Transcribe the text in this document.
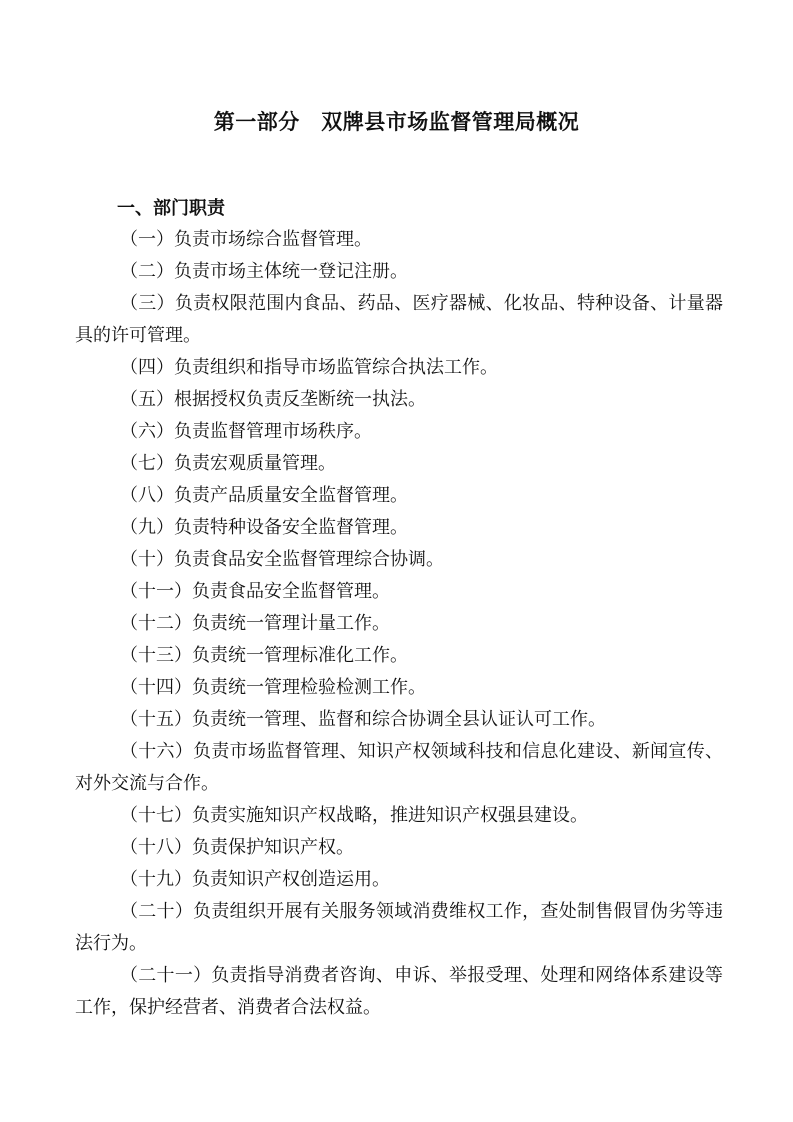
第一部分　双牌县市场监督管理局概况
一、部门职责

（一）负责市场综合监督管理。

（二）负责市场主体统一登记注册。

（三）负责权限范围内食品、药品、医疗器械、化妆品、特种设备、计量器具的许可管理。

（四）负责组织和指导市场监管综合执法工作。

（五）根据授权负责反垄断统一执法。

（六）负责监督管理市场秩序。

（七）负责宏观质量管理。

（八）负责产品质量安全监督管理。

（九）负责特种设备安全监督管理。

（十）负责食品安全监督管理综合协调。

（十一）负责食品安全监督管理。

（十二）负责统一管理计量工作。

（十三）负责统一管理标准化工作。

（十四）负责统一管理检验检测工作。

（十五）负责统一管理、监督和综合协调全县认证认可工作。

（十六）负责市场监督管理、知识产权领域科技和信息化建设、新闻宣传、对外交流与合作。

（十七）负责实施知识产权战略，推进知识产权强县建设。

（十八）负责保护知识产权。

（十九）负责知识产权创造运用。

（二十）负责组织开展有关服务领域消费维权工作，查处制售假冒伪劣等违法行为。

（二十一）负责指导消费者咨询、申诉、举报受理、处理和网络体系建设等工作，保护经营者、消费者合法权益。
